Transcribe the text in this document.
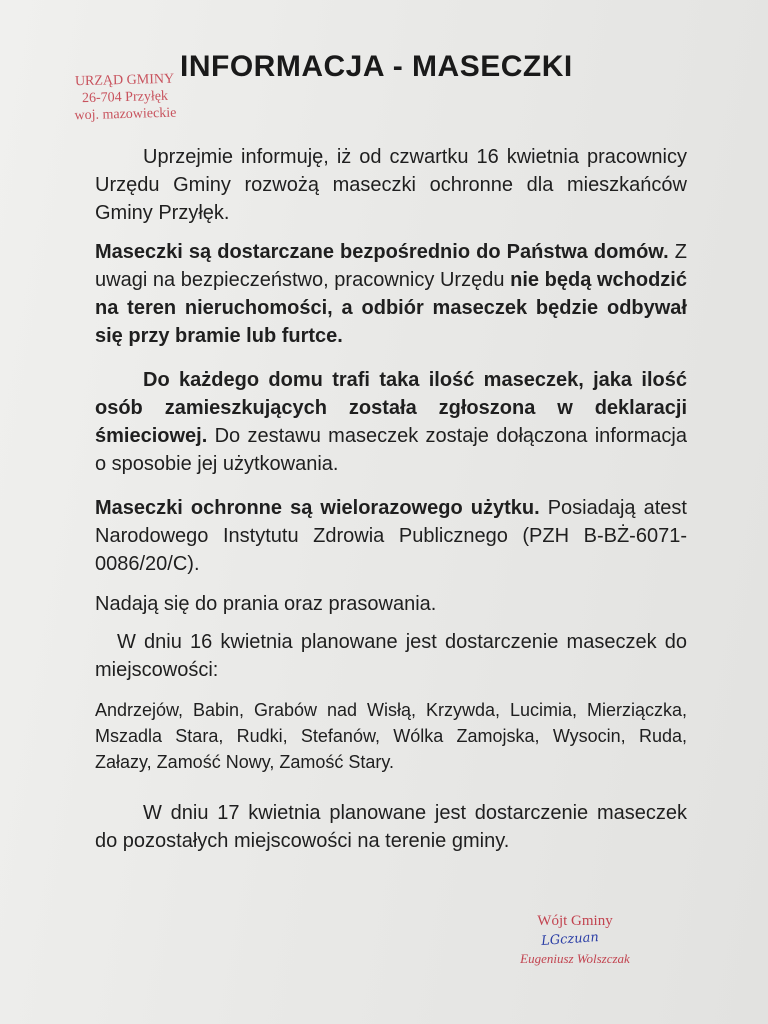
URZĄD GMINY
26-704 Przyłęk
woj. mazowieckie
INFORMACJA - MASECZKI
Uprzejmie informuję, iż od czwartku 16 kwietnia pracownicy Urzędu Gminy rozwożą maseczki ochronne dla mieszkańców Gminy Przyłęk.
Maseczki są dostarczane bezpośrednio do Państwa domów. Z uwagi na bezpieczeństwo, pracownicy Urzędu nie będą wchodzić na teren nieruchomości, a odbiór maseczek będzie odbywał się przy bramie lub furtce.
Do każdego domu trafi taka ilość maseczek, jaka ilość osób zamieszkujących została zgłoszona w deklaracji śmieciowej. Do zestawu maseczek zostaje dołączona informacja o sposobie jej użytkowania.
Maseczki ochronne są wielorazowego użytku. Posiadają atest Narodowego Instytutu Zdrowia Publicznego (PZH B-BŻ-6071-0086/20/C).
Nadają się do prania oraz prasowania.
W dniu 16 kwietnia planowane jest dostarczenie maseczek do miejscowości:
Andrzejów, Babin, Grabów nad Wisłą, Krzywda, Lucimia, Mierziączka, Mszadla Stara, Rudki, Stefanów, Wólka Zamojska, Wysocin, Ruda, Załazy, Zamość Nowy, Zamość Stary.
W dniu 17 kwietnia planowane jest dostarczenie maseczek do pozostałych miejscowości na terenie gminy.
Wójt Gminy
LGczuan
Eugeniusz Wolszczak
